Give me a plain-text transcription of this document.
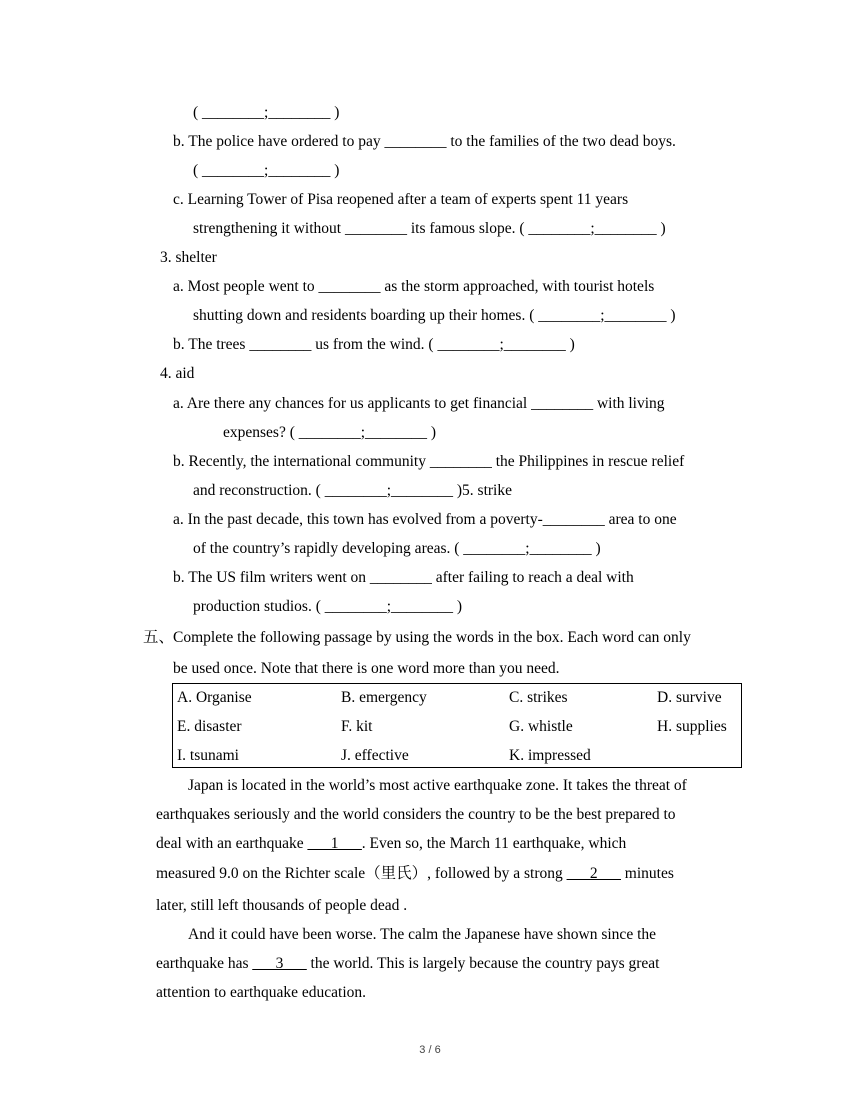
( ________;________ )
b. The police have ordered to pay ________ to the families of the two dead boys.
( ________;________ )
c. Learning Tower of Pisa reopened after a team of experts spent 11 years
strengthening it without ________ its famous slope. ( ________;________ )
3. shelter
a. Most people went to ________ as the storm approached, with tourist hotels
shutting down and residents boarding up their homes. ( ________;________ )
b. The trees ________ us from the wind. ( ________;________ )
4. aid
a. Are there any chances for us applicants to get financial ________ with living
expenses? ( ________;________ )
b. Recently, the international community ________ the Philippines in rescue relief
and reconstruction. ( ________;________ )5. strike
a. In the past decade, this town has evolved from a poverty-________ area to one
of the country’s rapidly developing areas. ( ________;________ )
b. The US film writers went on ________ after failing to reach a deal with
production studios. ( ________;________ )
五、
Complete the following passage by using the words in the box. Each word can only
be used once. Note that there is one word more than you need.
A. Organise	B. emergency	C. strikes	D. survive
E. disaster	F. kit	G. whistle	H. supplies
I. tsunami	J. effective	K. impressed
Japan is located in the world’s most active earthquake zone. It takes the threat of
earthquakes seriously and the world considers the country to be the best prepared to
deal with an earthquake ___1___. Even so, the March 11 earthquake, which
measured 9.0 on the Richter scale（里氏）, followed by a strong ___2___ minutes
later, still left thousands of people dead .
And it could have been worse. The calm the Japanese have shown since the
earthquake has ___3___ the world. This is largely because the country pays great
attention to earthquake education.
3 / 6
